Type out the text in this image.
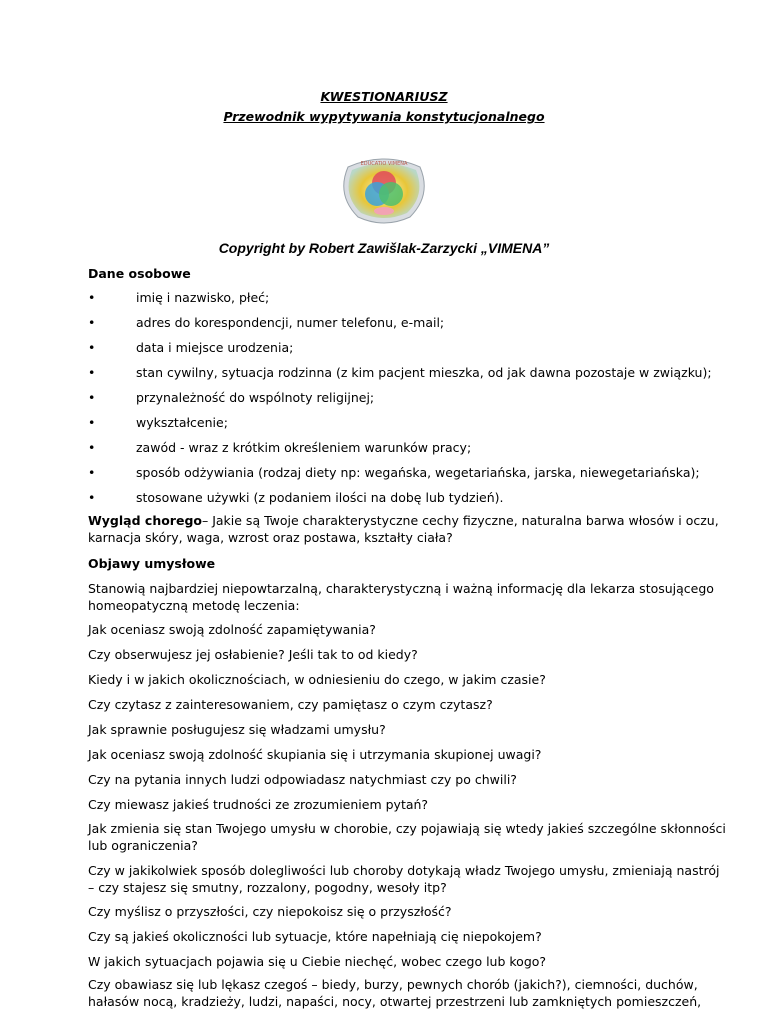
KWESTIONARIUSZ
Przewodnik wypytywania konstytucjonalnego
EDUCATIO VIMENA
Copyright by Robert Zawišlak-Zarzycki „VIMENA”
Dane osobowe
•	imię i nazwisko, płeć;
•	adres do korespondencji, numer telefonu, e-mail;
•	data i miejsce urodzenia;
•	stan cywilny, sytuacja rodzinna (z kim pacjent mieszka, od jak dawna pozostaje w związku);
•	przynależność do wspólnoty religijnej;
•	wykształcenie;
•	zawód - wraz z krótkim określeniem warunków pracy;
•	sposób odżywiania (rodzaj diety np: wegańska, wegetariańska, jarska, niewegetariańska);
•	stosowane używki (z podaniem ilości na dobę lub tydzień).
Wygląd chorego– Jakie są Twoje charakterystyczne cechy fizyczne, naturalna barwa włosów i oczu, karnacja skóry, waga, wzrost oraz postawa, kształty ciała?
Objawy umysłowe
Stanowią najbardziej niepowtarzalną, charakterystyczną i ważną informację dla lekarza stosującego homeopatyczną metodę leczenia:
Jak oceniasz swoją zdolność zapamiętywania?
Czy obserwujesz jej osłabienie? Jeśli tak to od kiedy?
Kiedy i w jakich okolicznościach, w odniesieniu do czego, w jakim czasie?
Czy czytasz z zainteresowaniem, czy pamiętasz o czym czytasz?
Jak sprawnie posługujesz się władzami umysłu?
Jak oceniasz swoją zdolność skupiania się i utrzymania skupionej uwagi?
Czy na pytania innych ludzi odpowiadasz natychmiast czy po chwili?
Czy miewasz jakieś trudności ze zrozumieniem pytań?
Jak zmienia się stan Twojego umysłu w chorobie, czy pojawiają się wtedy jakieś szczególne skłonności lub ograniczenia?
Czy w jakikolwiek sposób dolegliwości lub choroby dotykają władz Twojego umysłu, zmieniają nastrój – czy stajesz się smutny, rozzalony, pogodny, wesoły itp?
Czy myślisz o przyszłości, czy niepokoisz się o przyszłość?
Czy są jakieś okoliczności lub sytuacje, które napełniają cię niepokojem?
W jakich sytuacjach pojawia się u Ciebie niechęć, wobec czego lub kogo?
Czy obawiasz się lub lękasz czegoś – biedy, burzy, pewnych chorób (jakich?), ciemności, duchów, hałasów nocą, kradzieży, ludzi, napaści, nocy, otwartej przestrzeni lub zamkniętych pomieszczeń,
